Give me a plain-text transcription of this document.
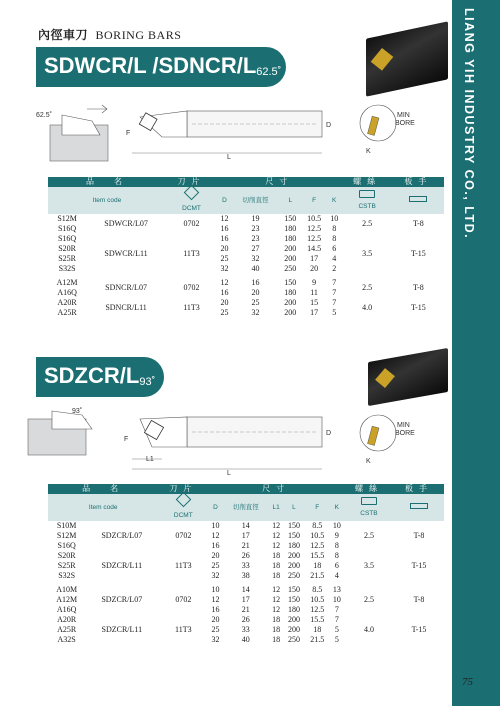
LIANG YIH INDUSTRY CO., LTD.
內徑車刀 BORING BARS
SDWCR/L /SDNCR/L62.5˚
62.5˚
L
F
D
MIN
BORE
K
品　名		刀片	尺寸					螺絲	板手
Item code		DCMT	D	切削直徑	L	F	K	CSTB	
S12M	SDWCR/L07	0702	12	19	150	10.5	10	2.5	T-8
S16Q			16	23	180	12.5	8		
S16Q	SDWCR/L11	11T3	16	23	180	12.5	8	3.5	T-15
S20R			20	27	200	14.5	6		
S25R			25	32	200	17	4		
S32S			32	40	250	20	2		

A12M	SDNCR/L07	0702	12	16	150	9	7	2.5	T-8
A16Q			16	20	180	11	7		
A20R	SDNCR/L11	11T3	20	25	200	15	7	4.0	T-15
A25R			25	32	200	17	5		
SDZCR/L93˚
93˚
L1
L
F
D
MIN
BORE
K
品　名		刀片	尺寸						螺絲	板手
Item code		DCMT	D	切削直徑	L1	L	F	K	CSTB	
S10M	SDZCR/L07	0702	10	14	12	150	8.5	10	2.5	T-8
S12M			12	17	12	150	10.5	9		
S16Q			16	21	12	180	12.5	8		
S20R	SDZCR/L11	11T3	20	26	18	200	15.5	8	3.5	T-15
S25R			25	33	18	200	18	6		
S32S			32	38	18	250	21.5	4		

A10M	SDZCR/L07	0702	10	14	12	150	8.5	13	2.5	T-8
A12M			12	17	12	150	10.5	10		
A16Q			16	21	12	180	12.5	7		
A20R	SDZCR/L11	11T3	20	26	18	200	15.5	7	4.0	T-15
A25R			25	33	18	200	18	5		
A32S			32	40	18	250	21.5	5		
75
